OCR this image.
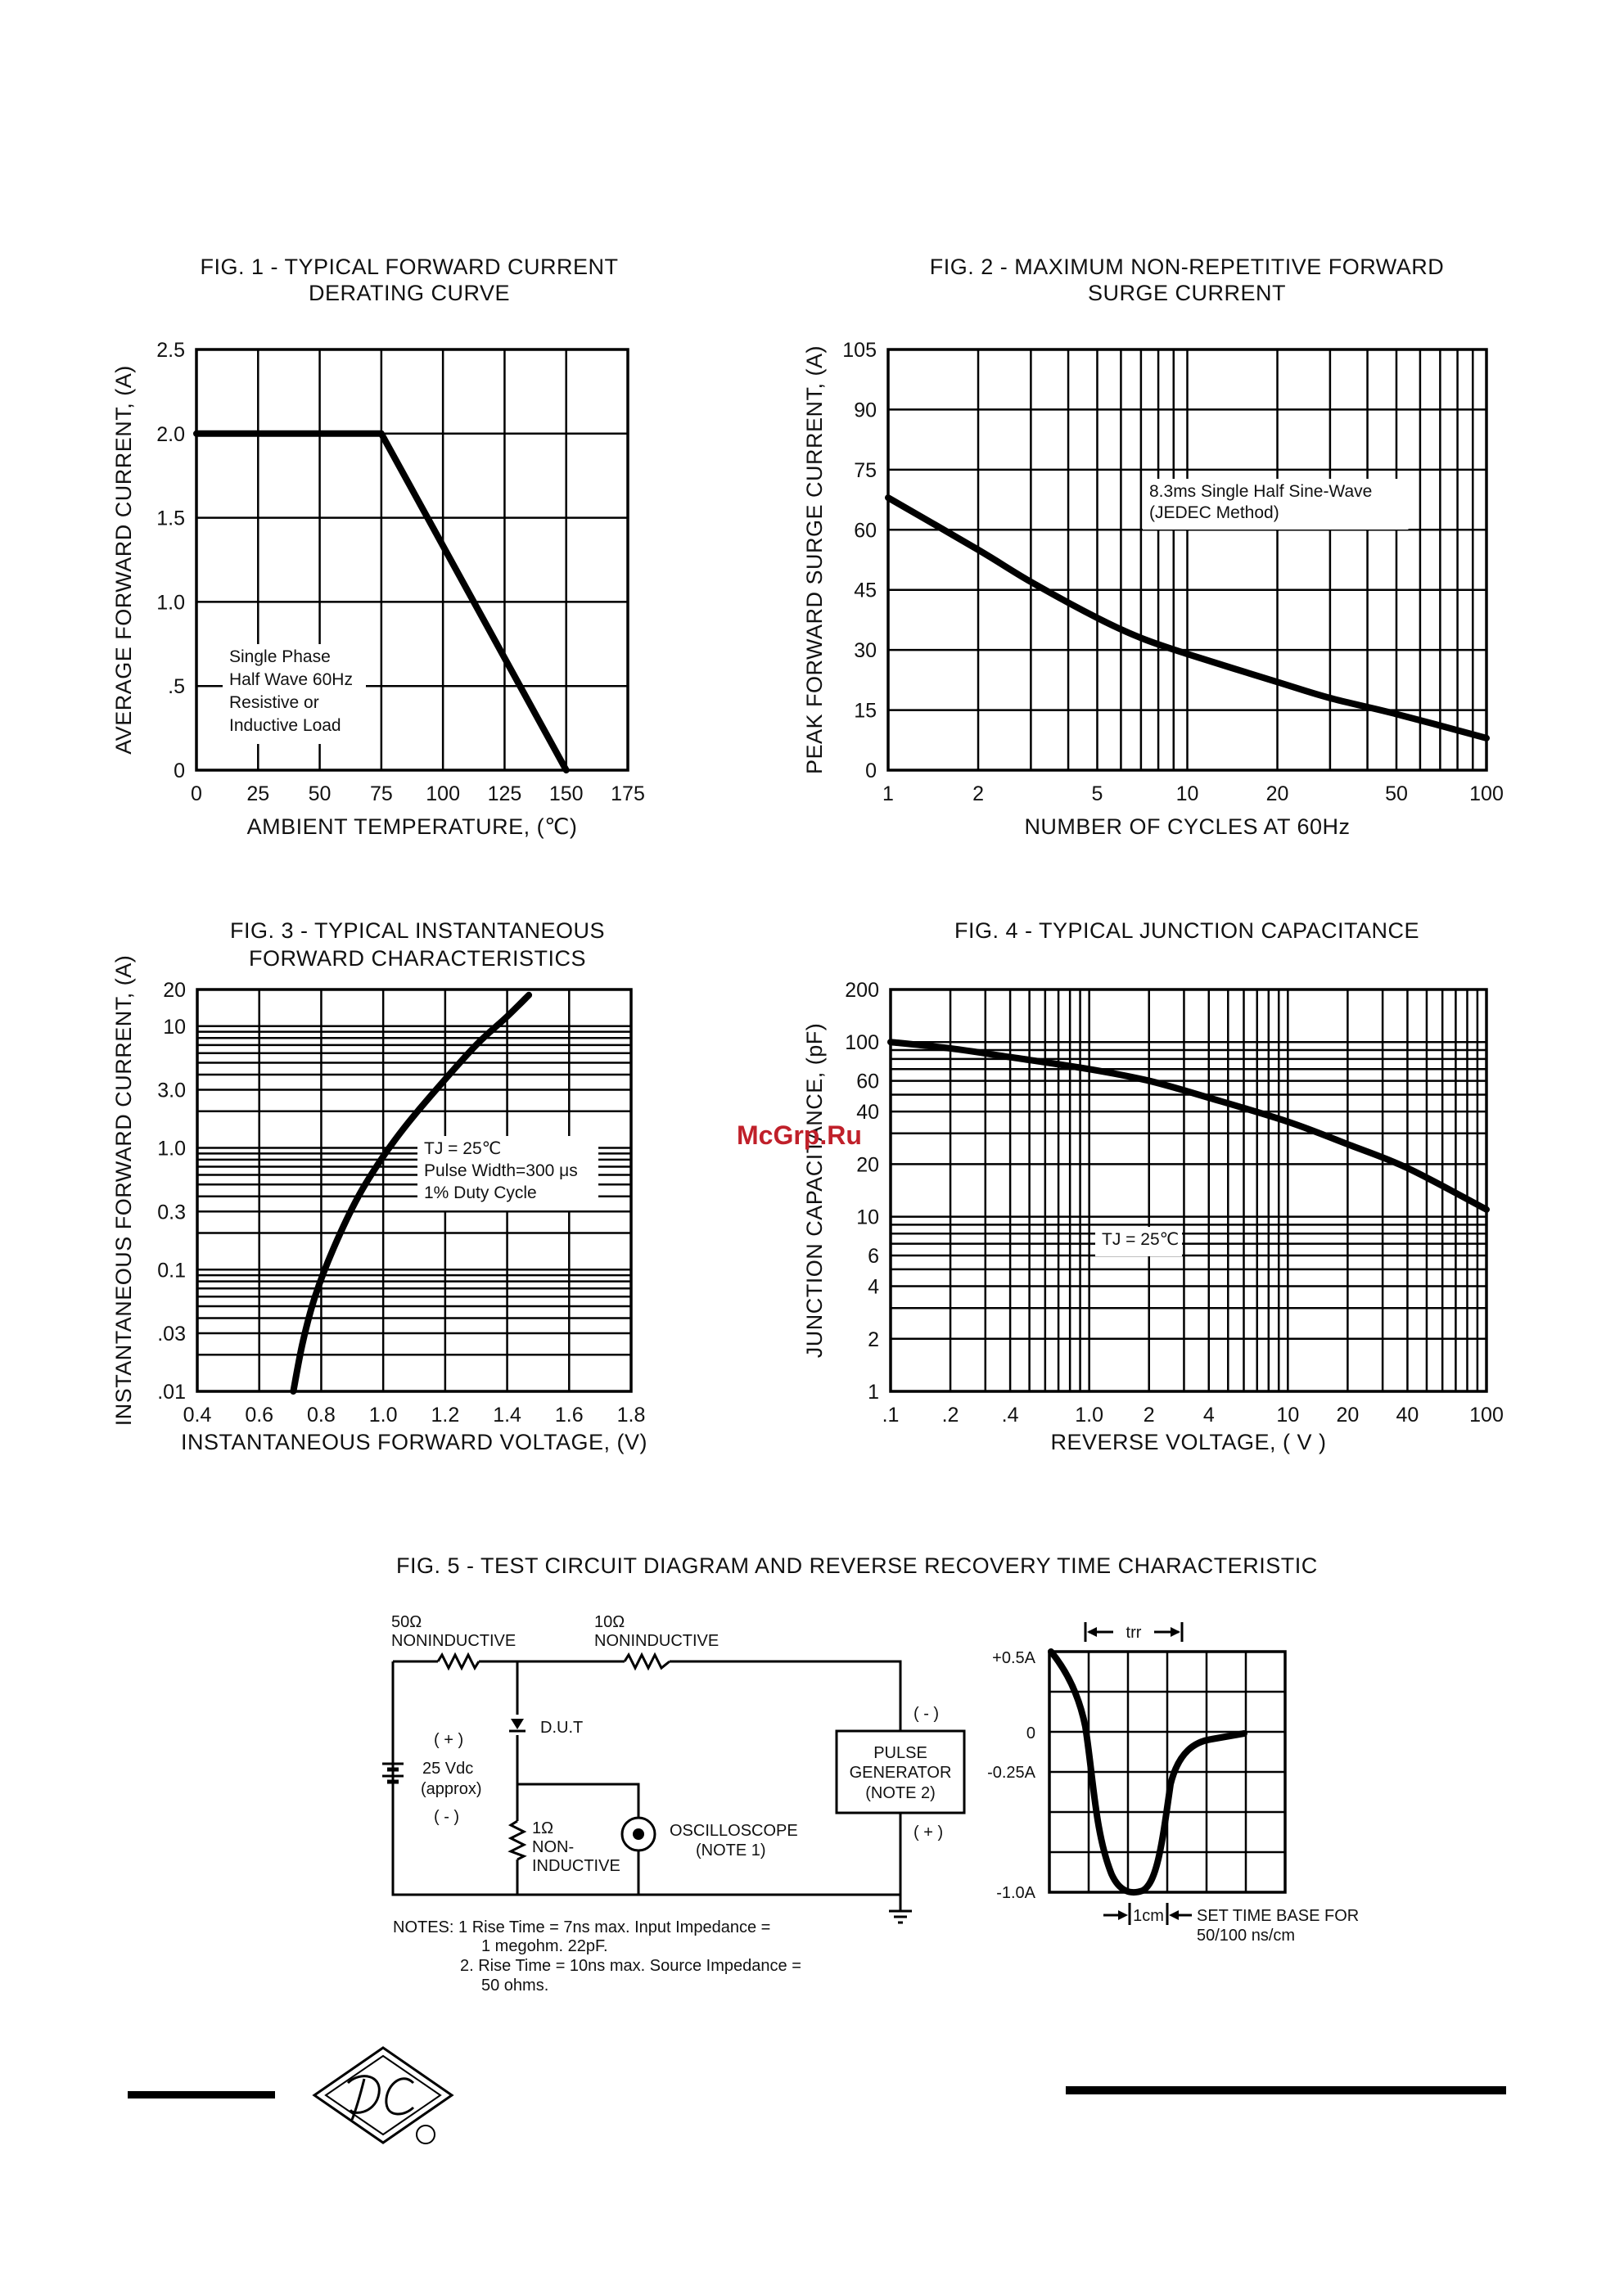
0 25 50 75 100 125 150 175
0
.5
1.0
1.5
2.0
2.5
FIG. 1 - TYPICAL FORWARD CURRENT
DERATING CURVE
AMBIENT TEMPERATURE, (℃)
AVERAGE FORWARD CURRENT, (A)	Single Phase
Half Wave 60Hz
Resistive or
Inductive Load
1	2	5	10	20	50	100
0
15
30
45
60
75
90
105
FIG. 2 - MAXIMUM NON-REPETITIVE FORWARD
SURGE CURRENT
NUMBER OF CYCLES AT 60Hz
PEAK FORWARD SURGE CURRENT, (A)	8.3ms Single Half Sine-Wave
(JEDEC Method)
0.4 0.6 0.8 1.0 1.2 1.4 1.6 1.8
.01
.03
0.1
0.3
1.0
3.0
10
20
FIG. 3 - TYPICAL INSTANTANEOUS
FORWARD CHARACTERISTICS
INSTANTANEOUS FORWARD VOLTAGE, (V)
INSTANTANEOUS FORWARD CURRENT, (A)	TJ = 25℃
Pulse Width=300 μs
1% Duty Cycle
.1 .2 .4	1.0 2 4	10 20 40 100
1
2
4
6
10
20
40
60
100
200
FIG. 4 - TYPICAL JUNCTION CAPACITANCE
REVERSE VOLTAGE, ( V )
JUNCTION CAPACITANCE, (pF)	TJ = 25℃
McGrp.Ru
FIG. 5 - TEST CIRCUIT DIAGRAM AND REVERSE RECOVERY TIME CHARACTERISTIC
50Ω
NONINDUCTIVE
10Ω
NONINDUCTIVE
D.U.T
( + )
25 Vdc
(approx)
( - )
1Ω
NON-
INDUCTIVE
OSCILLOSCOPE
(NOTE 1)
PULSE
GENERATOR
(NOTE 2)
( - )
( + )
NOTES: 1 Rise Time = 7ns max. Input Impedance =
1 megohm. 22pF.
2. Rise Time = 10ns max. Source Impedance =
50 ohms.
+0.5A
0
-0.25A
-1.0A
trr
1cm SET TIME BASE FOR
50/100 ns/cm
